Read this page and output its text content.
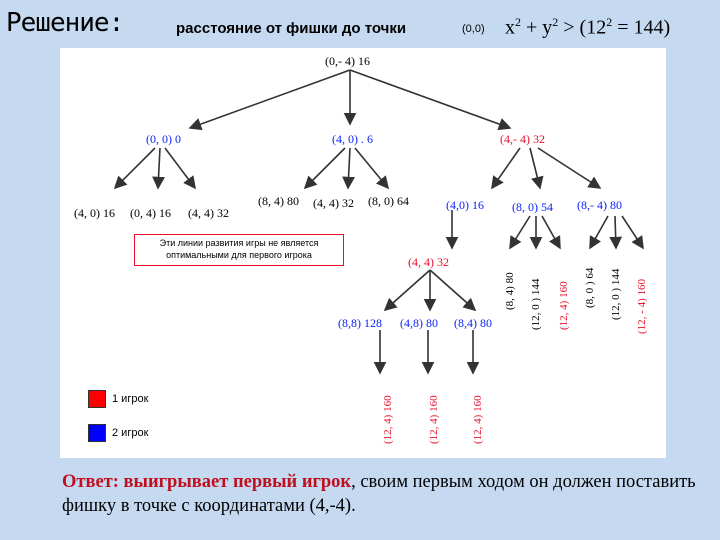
Решение:	расстояние от фишки до точки	(0,0) $x^2 + y^2 > (12^2 = 144)$
(0,- 4) 16
(0, 0) 0	(4, 0) . 6	(4,- 4) 32
(4, 0) 16 (0, 4) 16 (4, 4) 32
(8, 4) 80 (4, 4) 32 (8, 0) 64	(4,0) 16 (8, 0) 54 (8,- 4) 80
(4, 4) 32
(8, 4) 80 (12, 0 ) 144 (12, 4) 160 (8, 0 ) 64 (12, 0 ) 144 (12, - 4) 160
(8,8) 128 (4,8) 80 (8,4) 80
(12, 4) 160	(12, 4) 160	(12, 4) 160
Эти линии развития игры не является оптимальными для первого игрока
1 игрок
2 игрок
Ответ: выигрывает первый игрок, своим первым ходом он должен поставить фишку в точке с координатами (4,-4).
